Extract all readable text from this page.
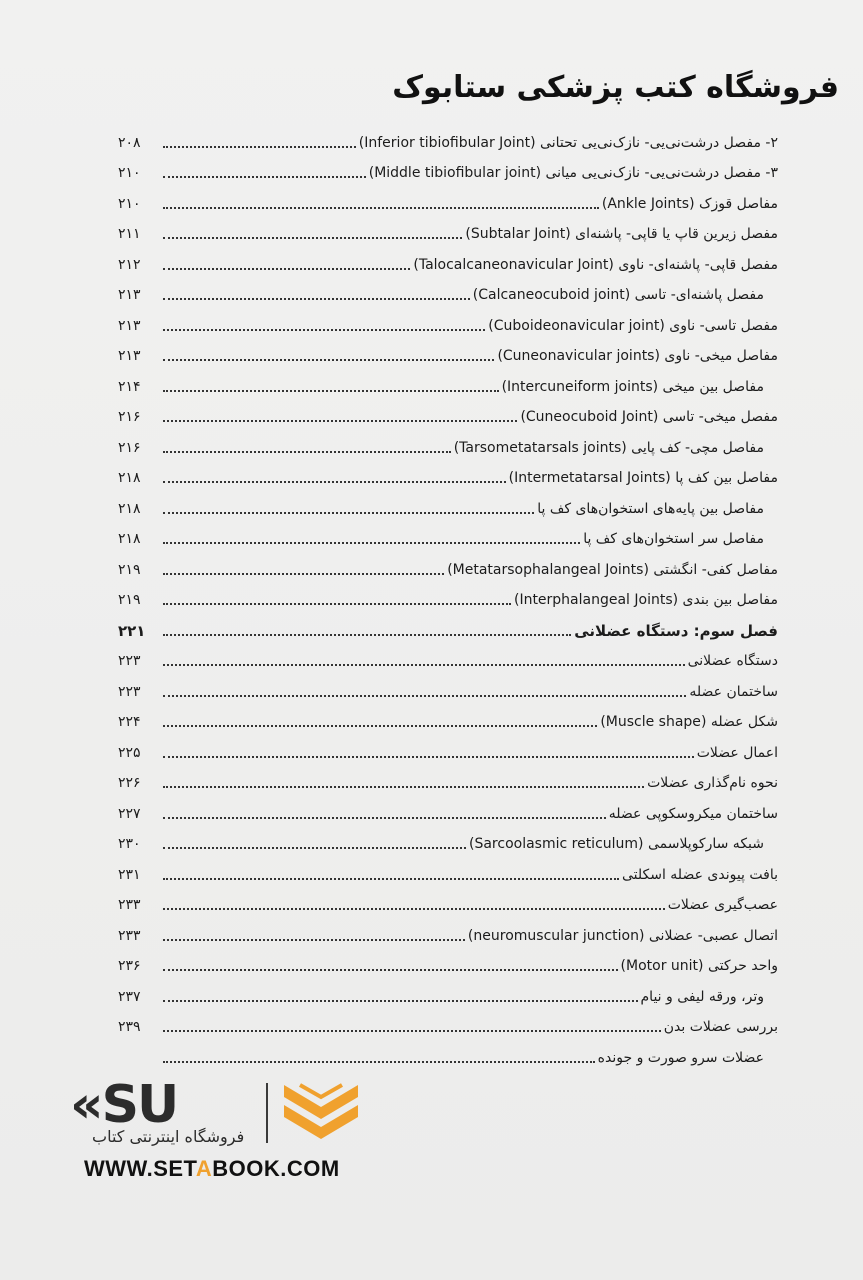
فروشگاه کتب پزشکی ستابوک
۲- مفصل درشت‌نی‌یی- نازک‌نی‌یی تحتانی (Inferior tibiofibular Joint)
۲۰۸
۳- مفصل درشت‌نی‌یی- نازک‌نی‌یی میانی (Middle tibiofibular joint)
۲۱۰
مفاصل قوزک (Ankle Joints)
۲۱۰
مفصل زیرین قاپ یا قاپی- پاشنه‌ای (Subtalar Joint)
۲۱۱
مفصل قاپی- پاشنه‌ای- ناوی (Talocalcaneonavicular Joint)
۲۱۲
مفصل پاشنه‌ای- تاسی (Calcaneocuboid joint)
۲۱۳
مفصل تاسی- ناوی (Cuboideonavicular joint)
۲۱۳
مفاصل میخی- ناوی (Cuneonavicular joints)
۲۱۳
مفاصل بین میخی (Intercuneiform joints)
۲۱۴
مفصل میخی- تاسی (Cuneocuboid Joint)
۲۱۶
مفاصل مچی- کف پایی (Tarsometatarsals joints)
۲۱۶
مفاصل بین کف پا (Intermetatarsal Joints)
۲۱۸
مفاصل بین پایه‌های استخوان‌های کف پا
۲۱۸
مفاصل سر استخوان‌های کف پا
۲۱۸
مفاصل کفی- انگشتی (Metatarsophalangeal Joints)
۲۱۹
مفاصل بین بندی (Interphalangeal Joints)
۲۱۹
فصل سوم: دستگاه عضلانی
۲۲۱
دستگاه عضلانی
۲۲۳
ساختمان عضله
۲۲۳
شکل عضله (Muscle shape)
۲۲۴
اعمال عضلات
۲۲۵
نحوه نام‌گذاری عضلات
۲۲۶
ساختمان میکروسکوپی عضله
۲۲۷
شبکه سارکوپلاسمی (Sarcoolasmic reticulum)
۲۳۰
بافت پیوندی عضله اسکلتی
۲۳۱
عصب‌گیری عضلات
۲۳۳
اتصال عصبی- عضلانی (neuromuscular junction)
۲۳۳
واحد حرکتی (Motor unit)
۲۳۶
وتر، ورقه لیفی و نیام
۲۳۷
بررسی عضلات بدن
۲۳۹
عضلات سرو صورت و جونده
«SU
فروشگاه اینترنتی کتاب
WWW.SETABOOK.COM
